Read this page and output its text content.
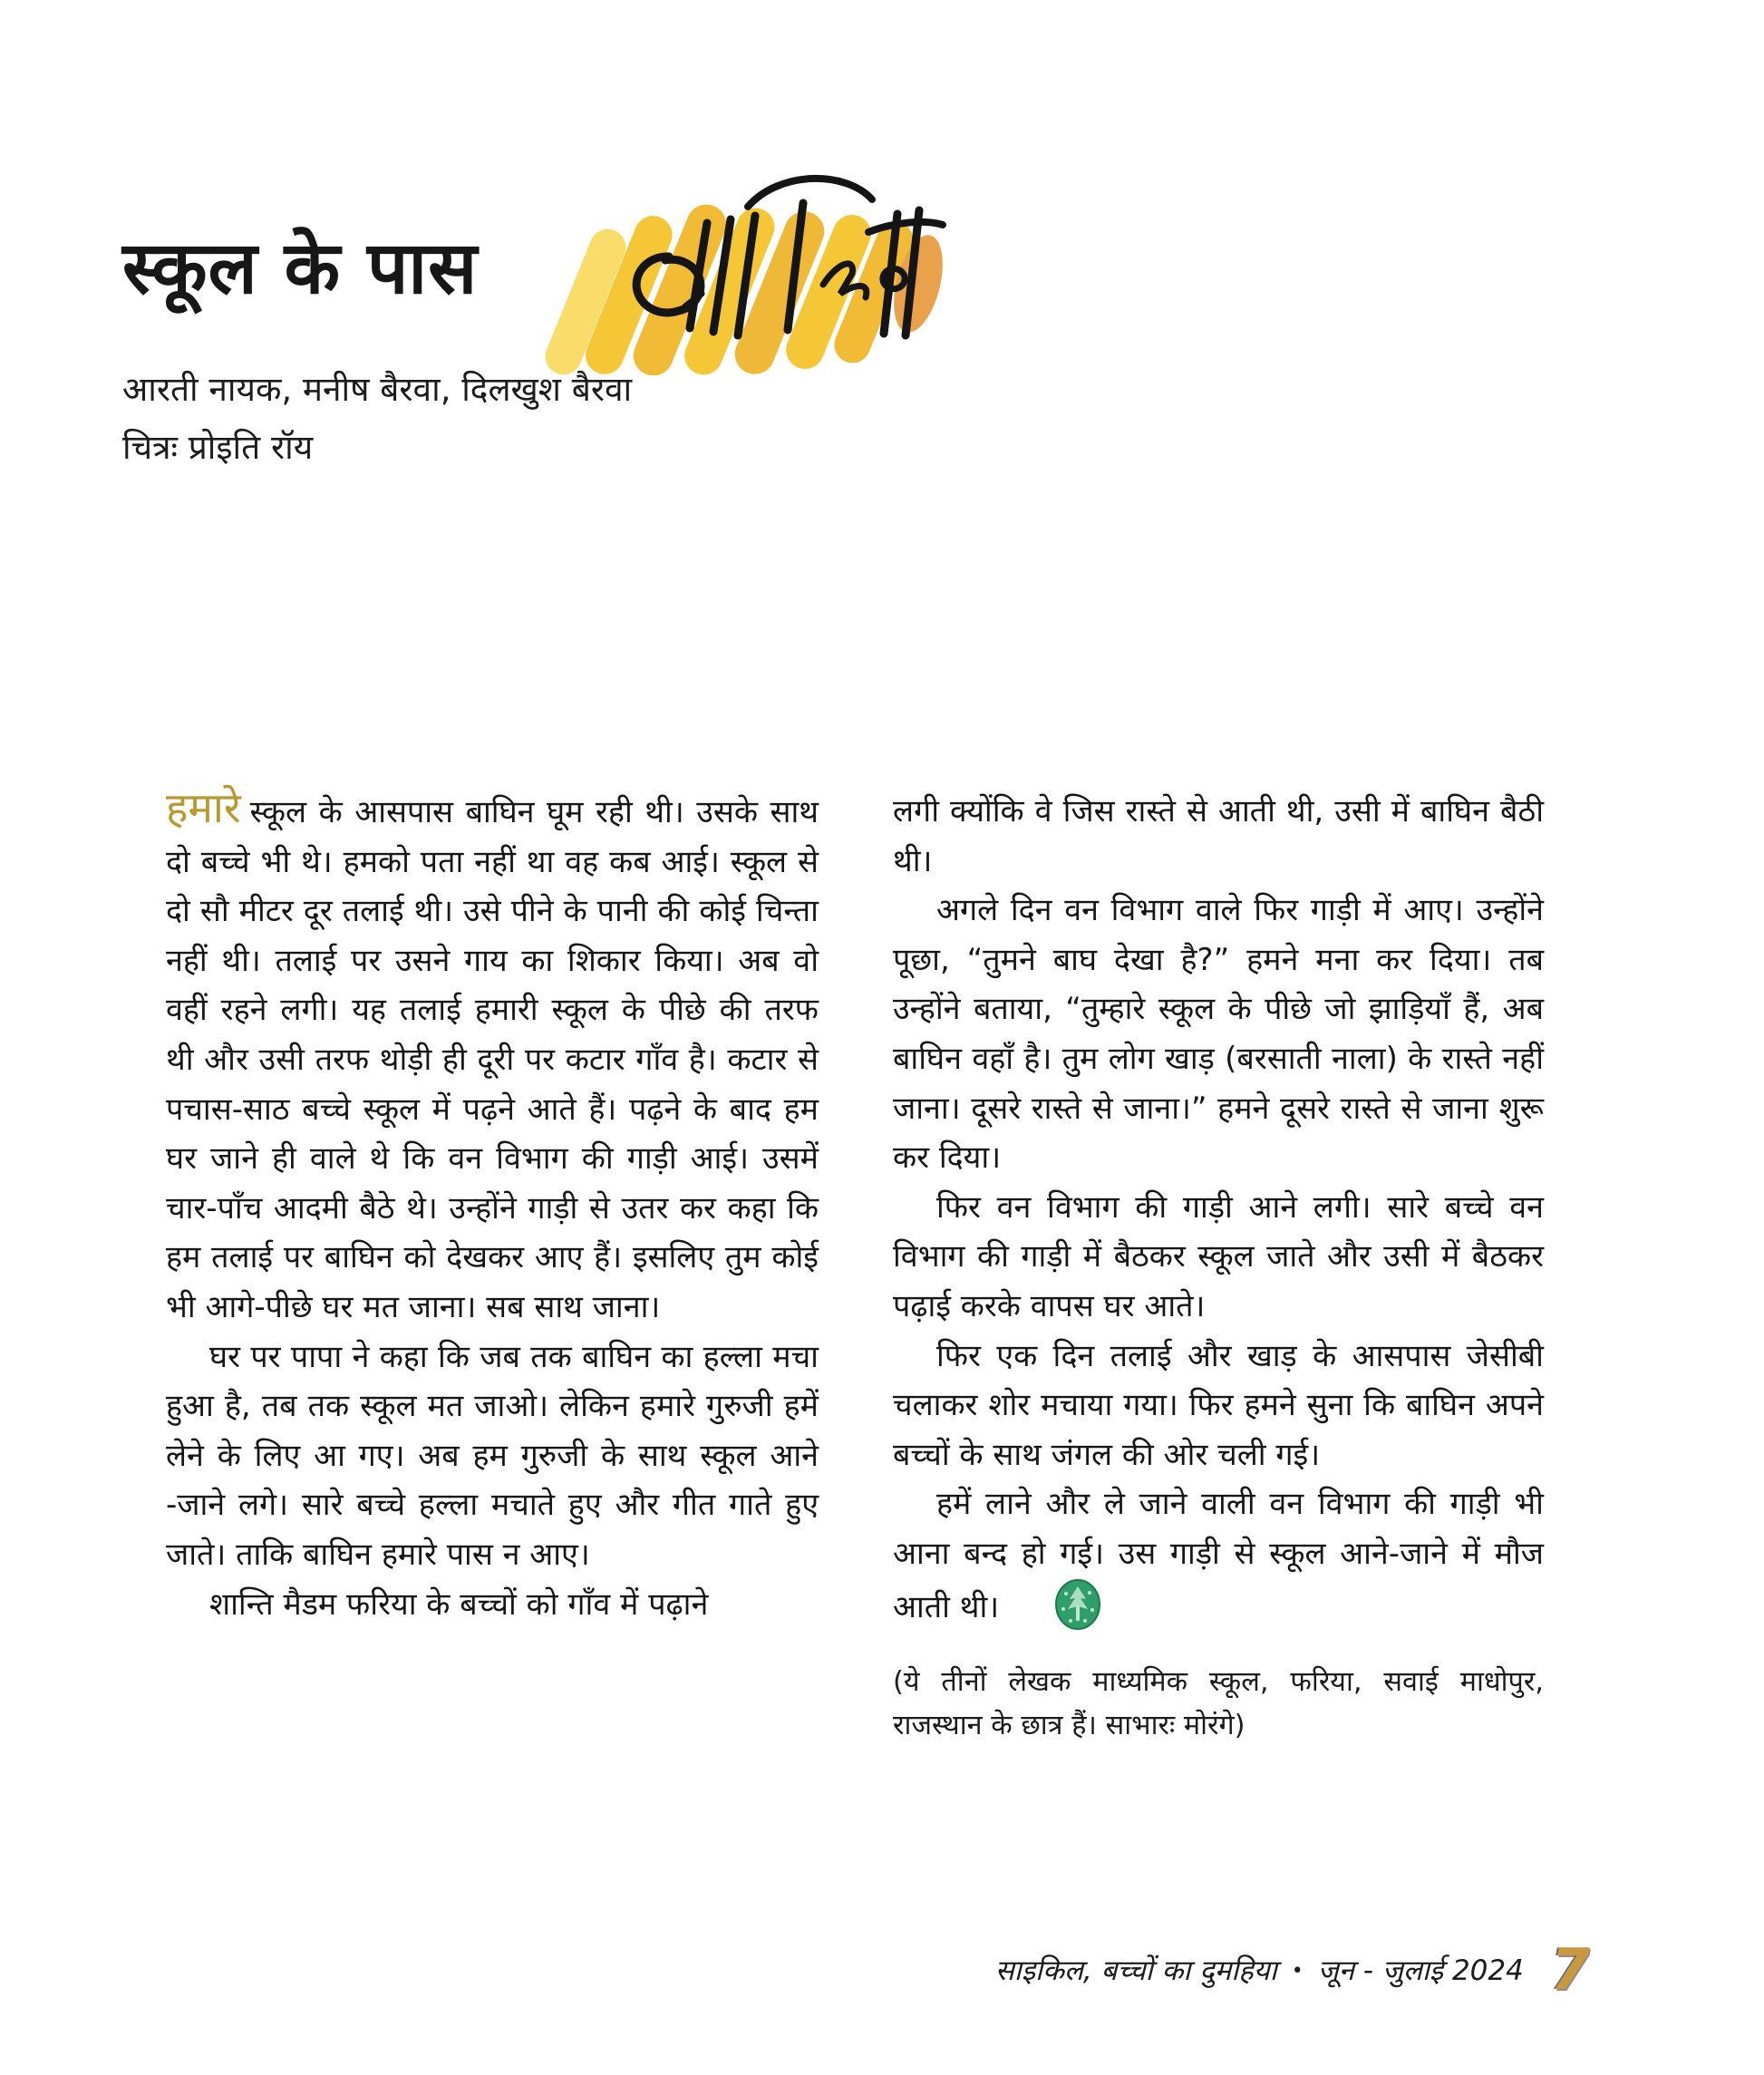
स्कूल के पास
आरती नायक, मनीष बैरवा, दिलखुश बैरवा
चित्रः प्रोइति रॉय

हमारे स्कूल के आसपास बाघिन घूम रही थी। उसके साथ दो बच्चे भी थे। हमको पता नहीं था वह कब आई। स्कूल से दो सौ मीटर दूर तलाई थी। उसे पीने के पानी की कोई चिन्ता नहीं थी। तलाई पर उसने गाय का शिकार किया। अब वो वहीं रहने लगी। यह तलाई हमारी स्कूल के पीछे की तरफ थी और उसी तरफ थोड़ी ही दूरी पर कटार गाँव है। कटार से पचास-साठ बच्चे स्कूल में पढ़ने आते हैं। पढ़ने के बाद हम घर जाने ही वाले थे कि वन विभाग की गाड़ी आई। उसमें चार-पाँच आदमी बैठे थे। उन्होंने गाड़ी से उतर कर कहा कि हम तलाई पर बाघिन को देखकर आए हैं। इसलिए तुम कोई भी आगे-पीछे घर मत जाना। सब साथ जाना।

घर पर पापा ने कहा कि जब तक बाघिन का हल्ला मचा हुआ है, तब तक स्कूल मत जाओ। लेकिन हमारे गुरुजी हमें लेने के लिए आ गए। अब हम गुरुजी के साथ स्कूल आने -जाने लगे। सारे बच्चे हल्ला मचाते हुए और गीत गाते हुए जाते। ताकि बाघिन हमारे पास न आए।

शान्ति मैडम फरिया के बच्चों को गाँव में पढ़ाने

लगी क्योंकि वे जिस रास्ते से आती थी, उसी में बाघिन बैठी थी।

अगले दिन वन विभाग वाले फिर गाड़ी में आए। उन्होंने पूछा, “तुमने बाघ देखा है?” हमने मना कर दिया। तब उन्होंने बताया, “तुम्हारे स्कूल के पीछे जो झाड़ियाँ हैं, अब बाघिन वहाँ है। तुम लोग खाड़ (बरसाती नाला) के रास्ते नहीं जाना। दूसरे रास्ते से जाना।” हमने दूसरे रास्ते से जाना शुरू कर दिया।

फिर वन विभाग की गाड़ी आने लगी। सारे बच्चे वन विभाग की गाड़ी में बैठकर स्कूल जाते और उसी में बैठकर पढ़ाई करके वापस घर आते।

फिर एक दिन तलाई और खाड़ के आसपास जेसीबी चलाकर शोर मचाया गया। फिर हमने सुना कि बाघिन अपने बच्चों के साथ जंगल की ओर चली गई।

हमें लाने और ले जाने वाली वन विभाग की गाड़ी भी आना बन्द हो गई। उस गाड़ी से स्कूल आने-जाने में मौज आती थी।

(ये तीनों लेखक माध्यमिक स्कूल, फरिया, सवाई माधोपुर, राजस्थान के छात्र हैं। साभारः मोरंगे)

साइकिल, बच्चों का दुमहिया • जून - जुलाई 2024 7
